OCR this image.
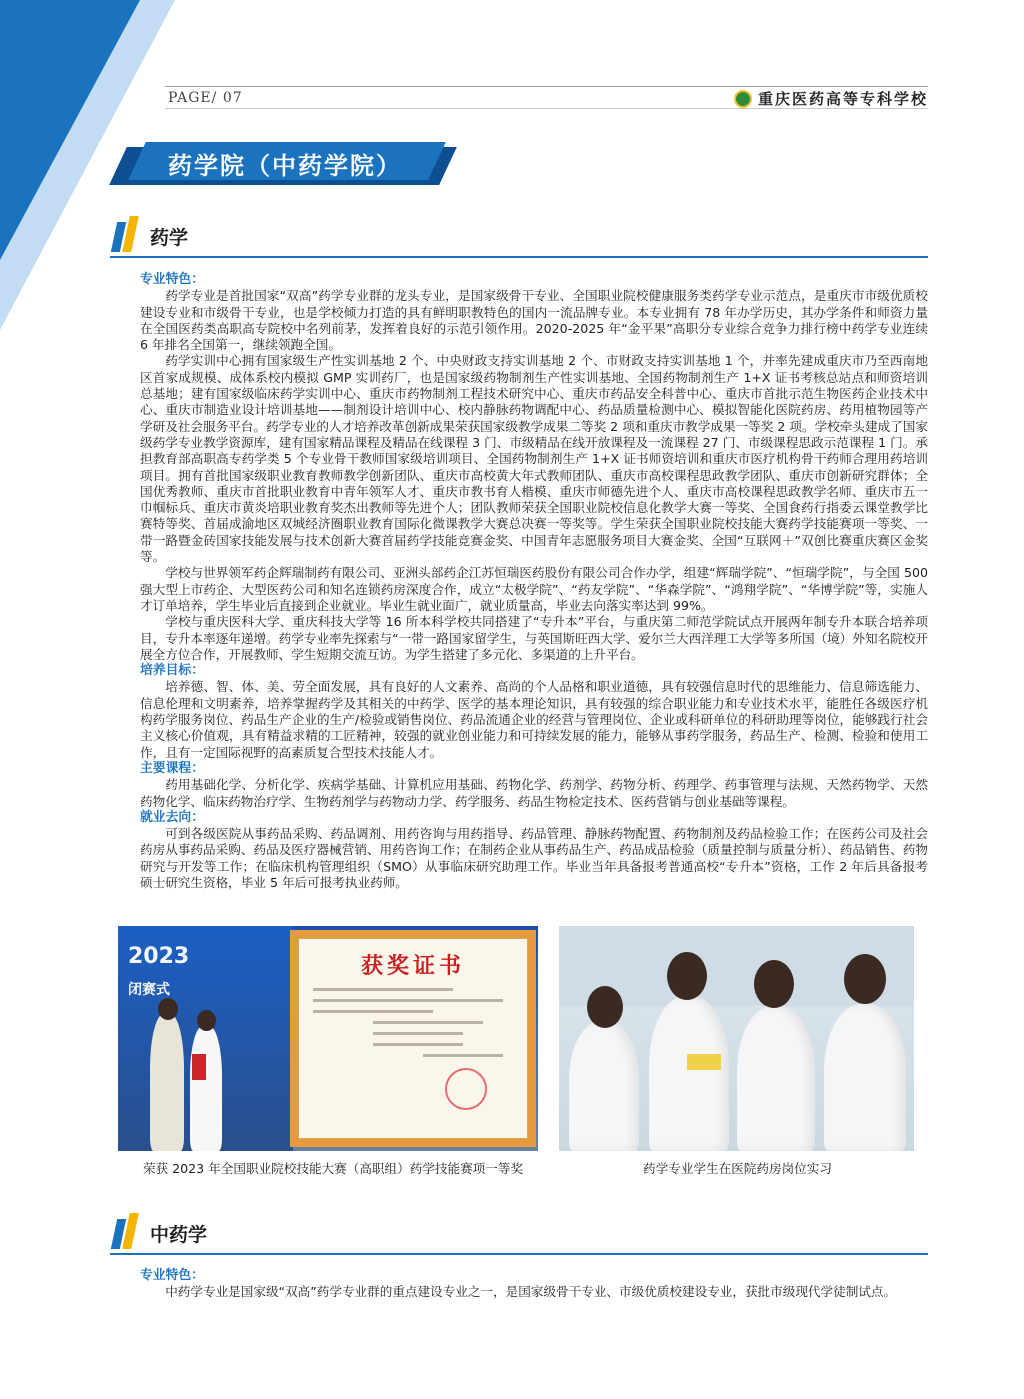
PAGE/ 07	重庆医药高等专科学校
药学院（中药学院）
药学
专业特色：

药学专业是首批国家“双高”药学专业群的龙头专业，是国家级骨干专业、全国职业院校健康服务类药学专业示范点，是重庆市市级优质校建设专业和市级骨干专业，也是学校倾力打造的具有鲜明职教特色的国内一流品牌专业。本专业拥有 78 年办学历史，其办学条件和师资力量在全国医药类高职高专院校中名列前茅，发挥着良好的示范引领作用。2020-2025 年“金平果”高职分专业综合竞争力排行榜中药学专业连续 6 年排名全国第一，继续领跑全国。

药学实训中心拥有国家级生产性实训基地 2 个、中央财政支持实训基地 2 个、市财政支持实训基地 1 个，并率先建成重庆市乃至西南地区首家成规模、成体系校内模拟 GMP 实训药厂，也是国家级药物制剂生产性实训基地、全国药物制剂生产 1+X 证书考核总站点和师资培训总基地；建有国家级临床药学实训中心、重庆市药物制剂工程技术研究中心、重庆市药品安全科普中心、重庆市首批示范生物医药企业技术中心、重庆市制造业设计培训基地——制剂设计培训中心、校内静脉药物调配中心、药品质量检测中心、模拟智能化医院药房、药用植物园等产学研及社会服务平台。药学专业的人才培养改革创新成果荣获国家级教学成果二等奖 2 项和重庆市教学成果一等奖 2 项。学校牵头建成了国家级药学专业教学资源库，建有国家精品课程及精品在线课程 3 门、市级精品在线开放课程及一流课程 27 门、市级课程思政示范课程 1 门。承担教育部高职高专药学类 5 个专业骨干教师国家级培训项目、全国药物制剂生产 1+X 证书师资培训和重庆市医疗机构骨干药师合理用药培训项目。拥有首批国家级职业教育教师教学创新团队、重庆市高校黄大年式教师团队、重庆市高校课程思政教学团队、重庆市创新研究群体；全国优秀教师、重庆市首批职业教育中青年领军人才、重庆市教书育人楷模、重庆市师德先进个人、重庆市高校课程思政教学名师、重庆市五一巾帼标兵、重庆市黄炎培职业教育奖杰出教师等先进个人；团队教师荣获全国职业院校信息化教学大赛一等奖、全国食药行指委云课堂教学比赛特等奖、首届成渝地区双城经济圈职业教育国际化微课教学大赛总决赛一等奖等。学生荣获全国职业院校技能大赛药学技能赛项一等奖、一带一路暨金砖国家技能发展与技术创新大赛首届药学技能竞赛金奖、中国青年志愿服务项目大赛金奖、全国“互联网＋”双创比赛重庆赛区金奖等。

学校与世界领军药企辉瑞制药有限公司、亚洲头部药企江苏恒瑞医药股份有限公司合作办学，组建“辉瑞学院”、“恒瑞学院”，与全国 500 强大型上市药企、大型医药公司和知名连锁药房深度合作，成立“太极学院”、“药友学院”、“华森学院”、“鸿翔学院”、“华博学院”等，实施人才订单培养，学生毕业后直接到企业就业。毕业生就业面广，就业质量高，毕业去向落实率达到 99%。

学校与重庆医科大学、重庆科技大学等 16 所本科学校共同搭建了“专升本”平台，与重庆第二师范学院试点开展两年制专升本联合培养项目，专升本率逐年递增。药学专业率先探索与“一带一路国家留学生，与英国斯旺西大学、爱尔兰大西洋理工大学等多所国（境）外知名院校开展全方位合作，开展教师、学生短期交流互访。为学生搭建了多元化、多渠道的上升平台。

培养目标：

培养德、智、体、美、劳全面发展，具有良好的人文素养、高尚的个人品格和职业道德，具有较强信息时代的思维能力、信息筛选能力、信息伦理和文明素养，培养掌握药学及其相关的中药学、医学的基本理论知识，具有较强的综合职业能力和专业技术水平，能胜任各级医疗机构药学服务岗位、药品生产企业的生产/检验或销售岗位、药品流通企业的经营与管理岗位、企业或科研单位的科研助理等岗位，能够践行社会主义核心价值观，具有精益求精的工匠精神，较强的就业创业能力和可持续发展的能力，能够从事药学服务，药品生产、检测、检验和使用工作，且有一定国际视野的高素质复合型技术技能人才。

主要课程：

药用基础化学、分析化学、疾病学基础、计算机应用基础、药物化学、药剂学、药物分析、药理学、药事管理与法规、天然药物学、天然药物化学、临床药物治疗学、生物药剂学与药物动力学、药学服务、药品生物检定技术、医药营销与创业基础等课程。

就业去向：

可到各级医院从事药品采购、药品调剂、用药咨询与用药指导、药品管理、静脉药物配置、药物制剂及药品检验工作；在医药公司及社会药房从事药品采购、药品及医疗器械营销、用药咨询工作；在制药企业从事药品生产、药品成品检验（质量控制与质量分析）、药品销售、药物研究与开发等工作；在临床机构管理组织（SMO）从事临床研究助理工作。毕业当年具备报考普通高校“专升本”资格，工作 2 年后具备报考硕士研究生资格，毕业 5 年后可报考执业药师。

2023
闭赛式
获奖证书
荣获 2023 年全国职业院校技能大赛（高职组）药学技能赛项一等奖	药学专业学生在医院药房岗位实习
中药学
专业特色：

中药学专业是国家级“双高”药学专业群的重点建设专业之一，是国家级骨干专业、市级优质校建设专业，获批市级现代学徒制试点。
